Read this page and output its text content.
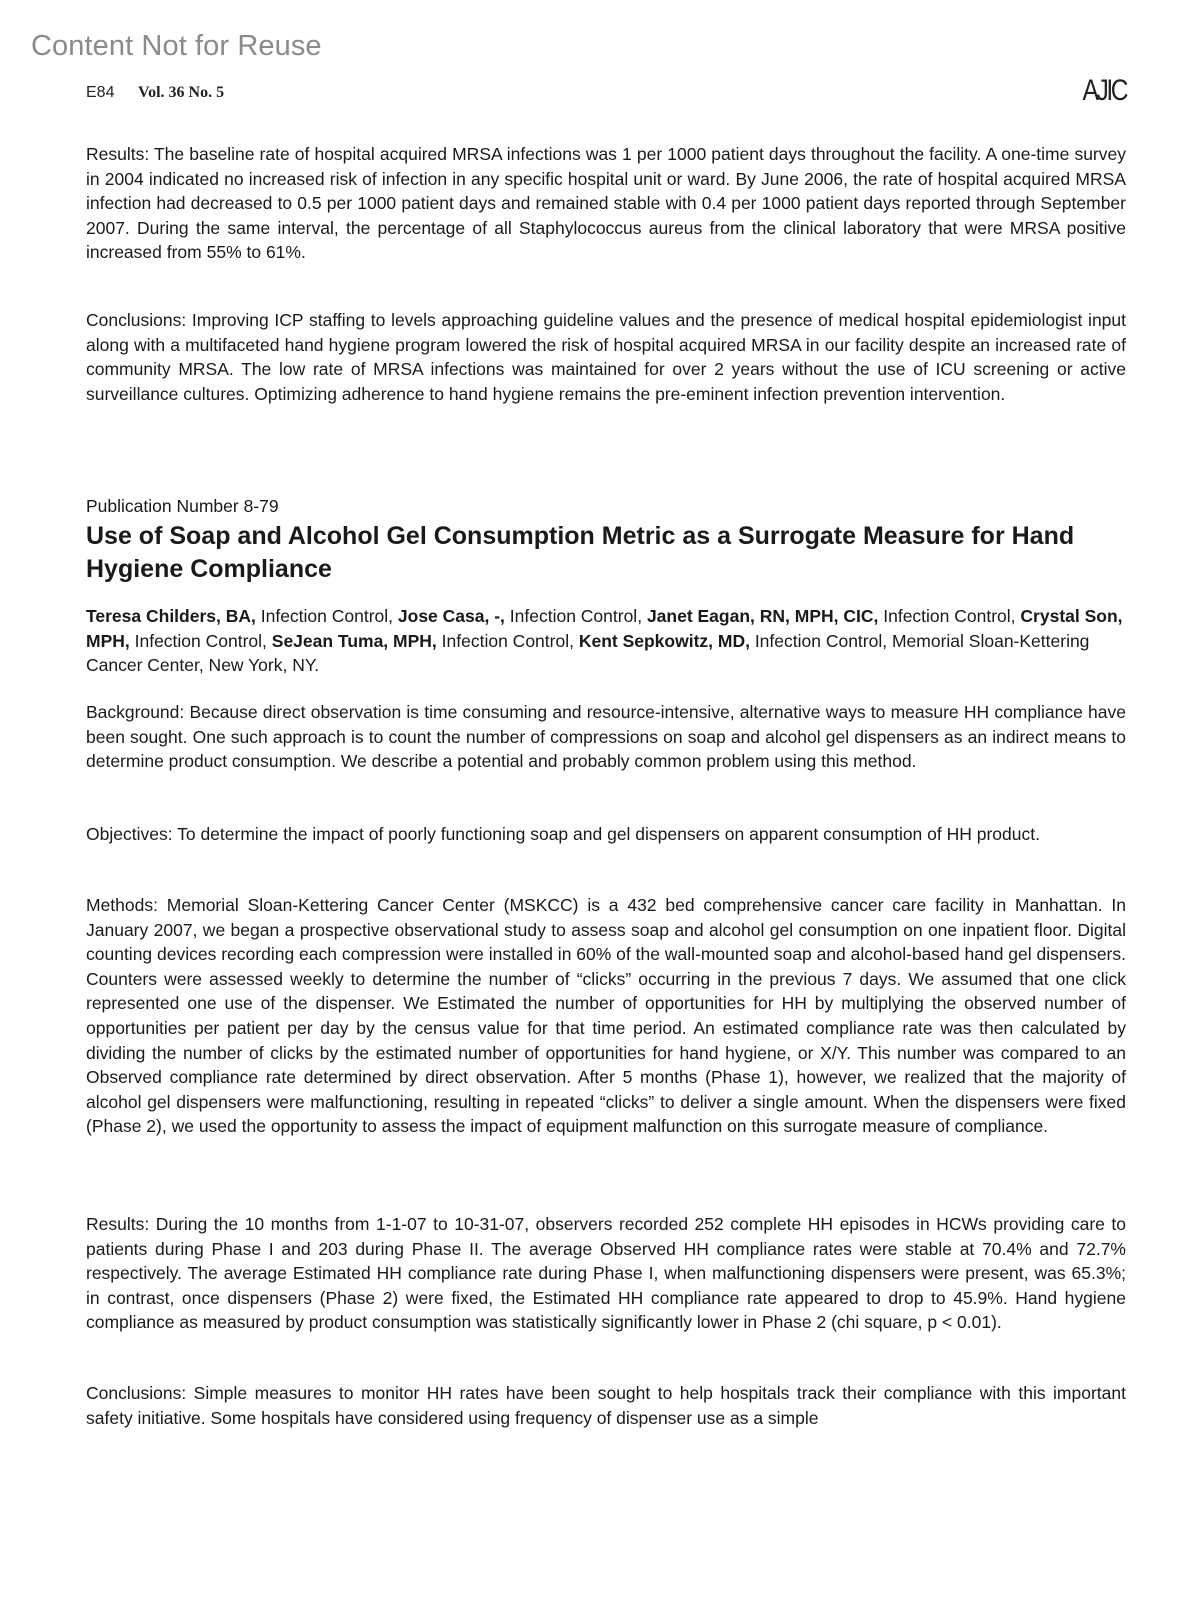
Content Not for Reuse
E84 Vol. 36 No. 5	AJIC

Results: The baseline rate of hospital acquired MRSA infections was 1 per 1000 patient days throughout the facility. A one-time survey in 2004 indicated no increased risk of infection in any specific hospital unit or ward. By June 2006, the rate of hospital acquired MRSA infection had decreased to 0.5 per 1000 patient days and remained stable with 0.4 per 1000 patient days reported through September 2007. During the same interval, the percentage of all Staphylococcus aureus from the clinical laboratory that were MRSA positive increased from 55% to 61%.

Conclusions: Improving ICP staffing to levels approaching guideline values and the presence of medical hospital epidemiologist input along with a multifaceted hand hygiene program lowered the risk of hospital acquired MRSA in our facility despite an increased rate of community MRSA. The low rate of MRSA infections was maintained for over 2 years without the use of ICU screening or active surveillance cultures. Optimizing adherence to hand hygiene remains the pre-eminent infection prevention intervention.

Publication Number 8-79
Use of Soap and Alcohol Gel Consumption Metric as a Surrogate Measure for Hand Hygiene Compliance

Teresa Childers, BA, Infection Control, Jose Casa, -, Infection Control, Janet Eagan, RN, MPH, CIC, Infection Control, Crystal Son, MPH, Infection Control, SeJean Tuma, MPH, Infection Control, Kent Sepkowitz, MD, Infection Control, Memorial Sloan-Kettering Cancer Center, New York, NY.

Background: Because direct observation is time consuming and resource-intensive, alternative ways to measure HH compliance have been sought. One such approach is to count the number of compressions on soap and alcohol gel dispensers as an indirect means to determine product consumption. We describe a potential and probably common problem using this method.

Objectives: To determine the impact of poorly functioning soap and gel dispensers on apparent consumption of HH product.

Methods: Memorial Sloan-Kettering Cancer Center (MSKCC) is a 432 bed comprehensive cancer care facility in Manhattan. In January 2007, we began a prospective observational study to assess soap and alcohol gel consumption on one inpatient floor. Digital counting devices recording each compression were installed in 60% of the wall-mounted soap and alcohol-based hand gel dispensers. Counters were assessed weekly to determine the number of “clicks” occurring in the previous 7 days. We assumed that one click represented one use of the dispenser. We Estimated the number of opportunities for HH by multiplying the observed number of opportunities per patient per day by the census value for that time period. An estimated compliance rate was then calculated by dividing the number of clicks by the estimated number of opportunities for hand hygiene, or X/Y. This number was compared to an Observed compliance rate determined by direct observation. After 5 months (Phase 1), however, we realized that the majority of alcohol gel dispensers were malfunctioning, resulting in repeated “clicks” to deliver a single amount. When the dispensers were fixed (Phase 2), we used the opportunity to assess the impact of equipment malfunction on this surrogate measure of compliance.

Results: During the 10 months from 1-1-07 to 10-31-07, observers recorded 252 complete HH episodes in HCWs providing care to patients during Phase I and 203 during Phase II. The average Observed HH compliance rates were stable at 70.4% and 72.7% respectively. The average Estimated HH compliance rate during Phase I, when malfunctioning dispensers were present, was 65.3%; in contrast, once dispensers (Phase 2) were fixed, the Estimated HH compliance rate appeared to drop to 45.9%. Hand hygiene compliance as measured by product consumption was statistically significantly lower in Phase 2 (chi square, p < 0.01).

Conclusions: Simple measures to monitor HH rates have been sought to help hospitals track their compliance with this important safety initiative. Some hospitals have considered using frequency of dispenser use as a simple
